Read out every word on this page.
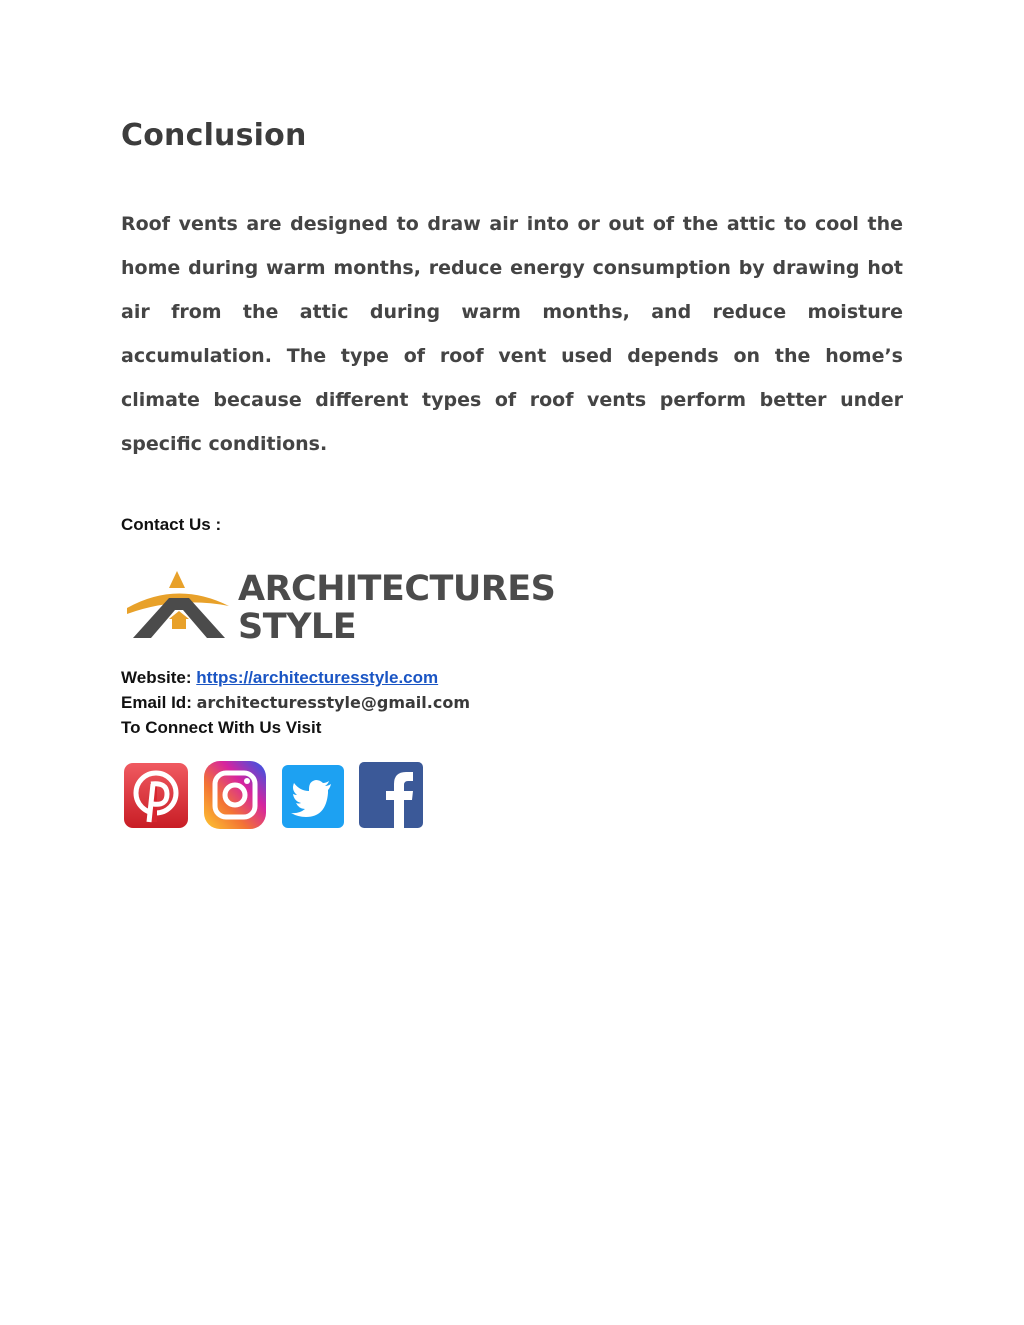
Conclusion

Roof vents are designed to draw air into or out of the attic to cool the home during warm months, reduce energy consumption by drawing hot air from the attic during warm months, and reduce moisture accumulation. The type of roof vent used depends on the home’s climate because different types of roof vents perform better under specific conditions.

Contact Us :

ARCHITECTURES
STYLE
Website: https://architecturesstyle.com
Email Id: architecturesstyle@gmail.com
To Connect With Us Visit
